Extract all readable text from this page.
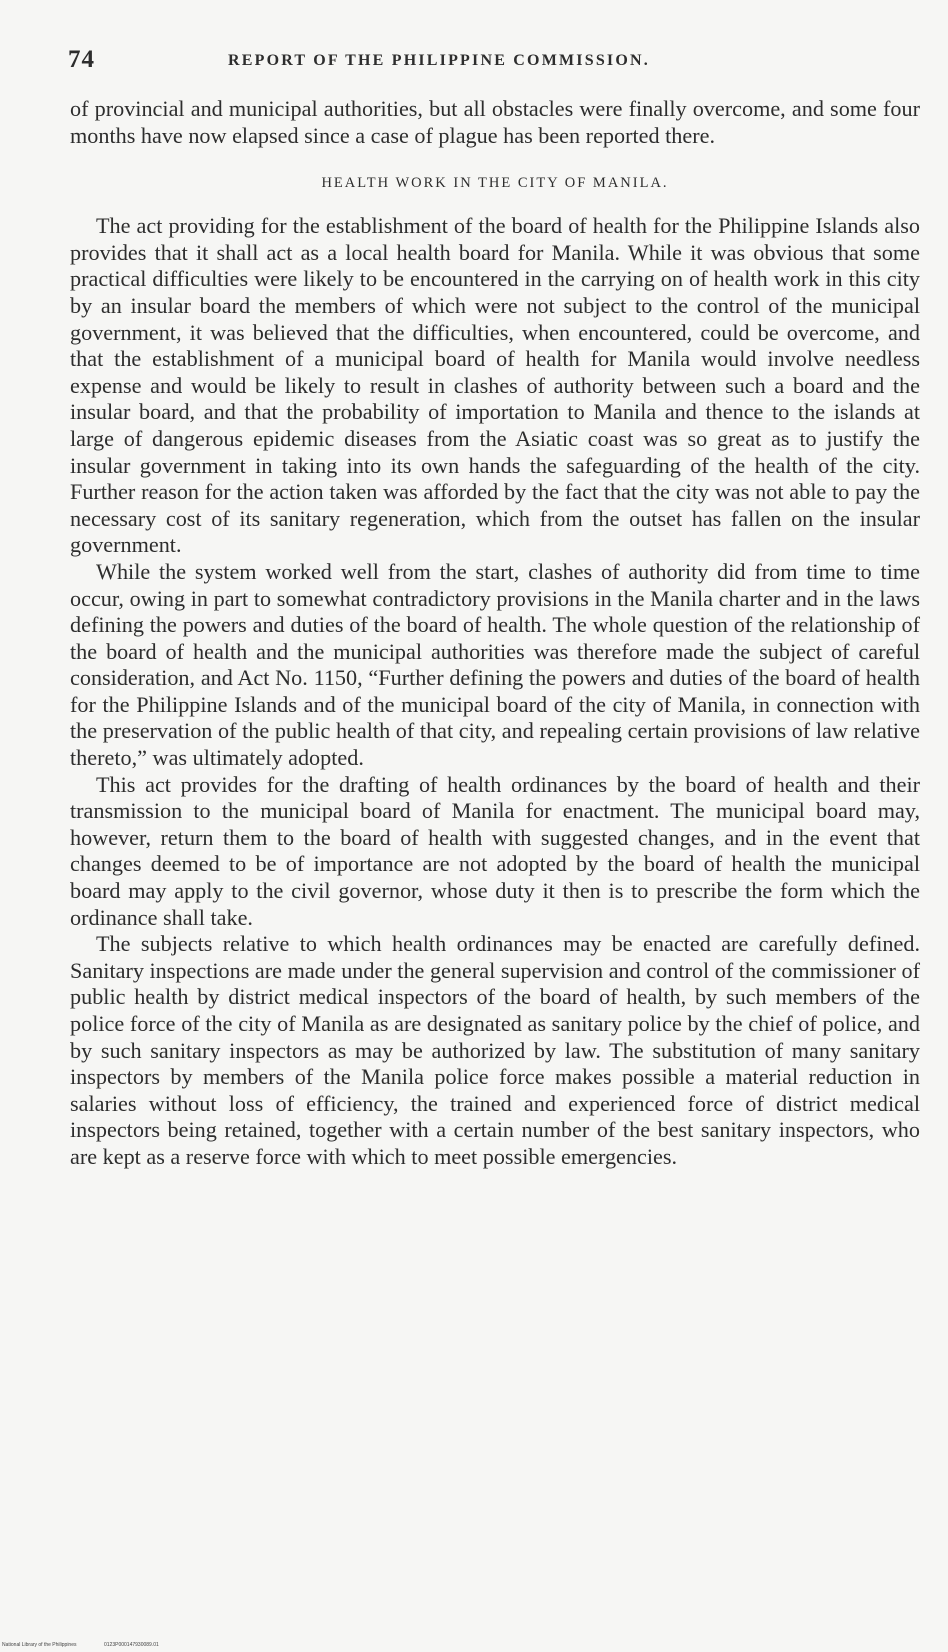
74	REPORT OF THE PHILIPPINE COMMISSION.

of provincial and municipal authorities, but all obstacles were finally overcome, and some four months have now elapsed since a case of plague has been reported there.

HEALTH WORK IN THE CITY OF MANILA.

The act providing for the establishment of the board of health for the Philippine Islands also provides that it shall act as a local health board for Manila. While it was obvious that some practical difficulties were likely to be encountered in the carrying on of health work in this city by an insular board the members of which were not subject to the control of the municipal government, it was believed that the difficulties, when encountered, could be overcome, and that the establishment of a municipal board of health for Manila would involve needless expense and would be likely to result in clashes of authority between such a board and the insular board, and that the probability of importation to Manila and thence to the islands at large of dangerous epidemic diseases from the Asiatic coast was so great as to justify the insular government in taking into its own hands the safeguarding of the health of the city. Further reason for the action taken was afforded by the fact that the city was not able to pay the necessary cost of its sanitary regeneration, which from the outset has fallen on the insular government.

While the system worked well from the start, clashes of authority did from time to time occur, owing in part to somewhat contradictory provisions in the Manila charter and in the laws defining the powers and duties of the board of health. The whole question of the relationship of the board of health and the municipal authorities was therefore made the subject of careful consideration, and Act No. 1150, “Further defining the powers and duties of the board of health for the Philippine Islands and of the municipal board of the city of Manila, in connection with the preservation of the public health of that city, and repealing certain provisions of law relative thereto,” was ultimately adopted.

This act provides for the drafting of health ordinances by the board of health and their transmission to the municipal board of Manila for enactment. The municipal board may, however, return them to the board of health with suggested changes, and in the event that changes deemed to be of importance are not adopted by the board of health the municipal board may apply to the civil governor, whose duty it then is to prescribe the form which the ordinance shall take.

The subjects relative to which health ordinances may be enacted are carefully defined. Sanitary inspections are made under the general supervision and control of the commissioner of public health by district medical inspectors of the board of health, by such members of the police force of the city of Manila as are designated as sanitary police by the chief of police, and by such sanitary inspectors as may be authorized by law. The substitution of many sanitary inspectors by members of the Manila police force makes possible a material reduction in salaries without loss of efficiency, the trained and experienced force of district medical inspectors being retained, together with a certain number of the best sanitary inspectors, who are kept as a reserve force with which to meet possible emergencies.

National Library of the Philippines	0123P000147930089.01
